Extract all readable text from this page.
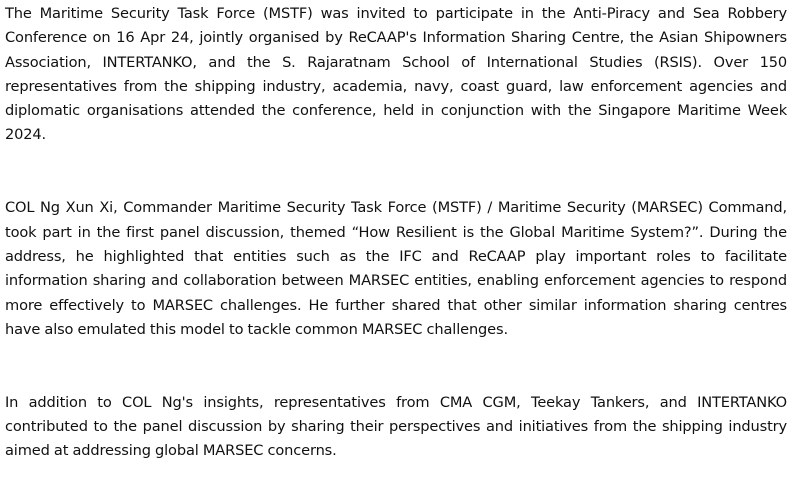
The Maritime Security Task Force (MSTF) was invited to participate in the Anti-Piracy and Sea Robbery Conference on 16 Apr 24, jointly organised by ReCAAP's Information Sharing Centre, the Asian Shipowners Association, INTERTANKO, and the S. Rajaratnam School of International Studies (RSIS). Over 150 representatives from the shipping industry, academia, navy, coast guard, law enforcement agencies and diplomatic organisations attended the conference, held in conjunction with the Singapore Maritime Week 2024.

COL Ng Xun Xi, Commander Maritime Security Task Force (MSTF) / Maritime Security (MARSEC) Command, took part in the first panel discussion, themed “How Resilient is the Global Maritime System?”. During the address, he highlighted that entities such as the IFC and ReCAAP play important roles to facilitate information sharing and collaboration between MARSEC entities, enabling enforcement agencies to respond more effectively to MARSEC challenges. He further shared that other similar information sharing centres have also emulated this model to tackle common MARSEC challenges.

In addition to COL Ng's insights, representatives from CMA CGM, Teekay Tankers, and INTERTANKO contributed to the panel discussion by sharing their perspectives and initiatives from the shipping industry aimed at addressing global MARSEC concerns.
